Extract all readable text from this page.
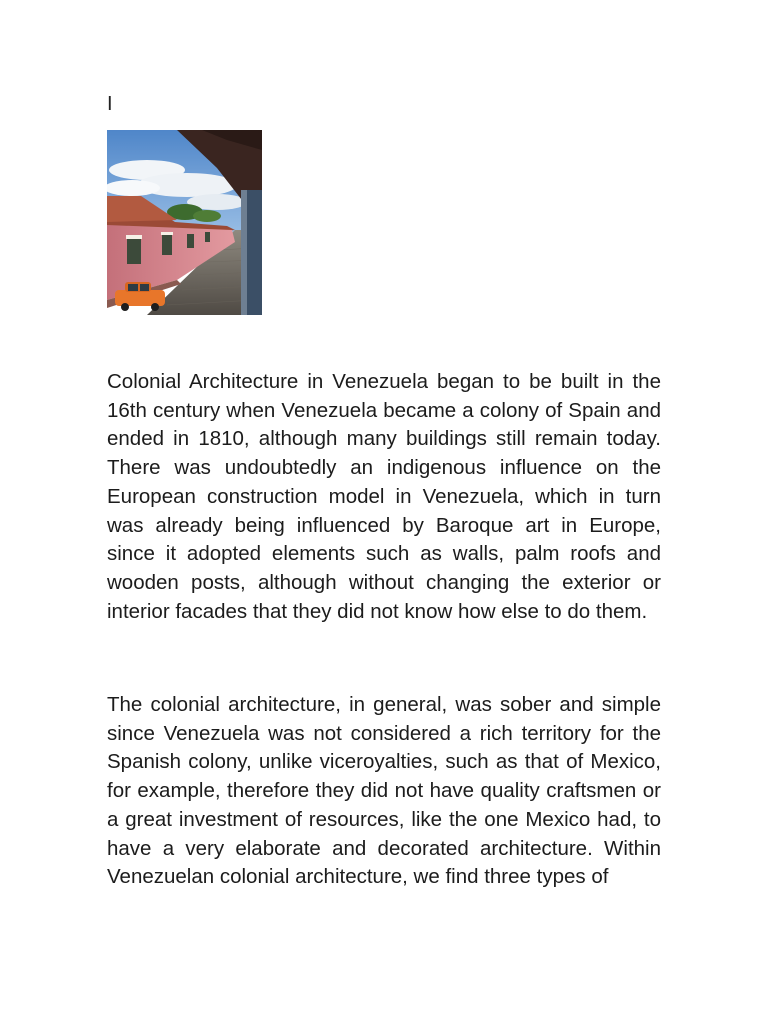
I

Colonial Architecture in Venezuela began to be built in the 16th century when Venezuela became a colony of Spain and ended in 1810, although many buildings still remain today. There was undoubtedly an indigenous influence on the European construction model in Venezuela, which in turn was already being influenced by Baroque art in Europe, since it adopted elements such as walls, palm roofs and wooden posts, although without changing the exterior or interior facades that they did not know how else to do them.

The colonial architecture, in general, was sober and simple since Venezuela was not considered a rich territory for the Spanish colony, unlike viceroyalties, such as that of Mexico, for example, therefore they did not have quality craftsmen or a great investment of resources, like the one Mexico had, to have a very elaborate and decorated architecture. Within Venezuelan colonial architecture, we find three types of
